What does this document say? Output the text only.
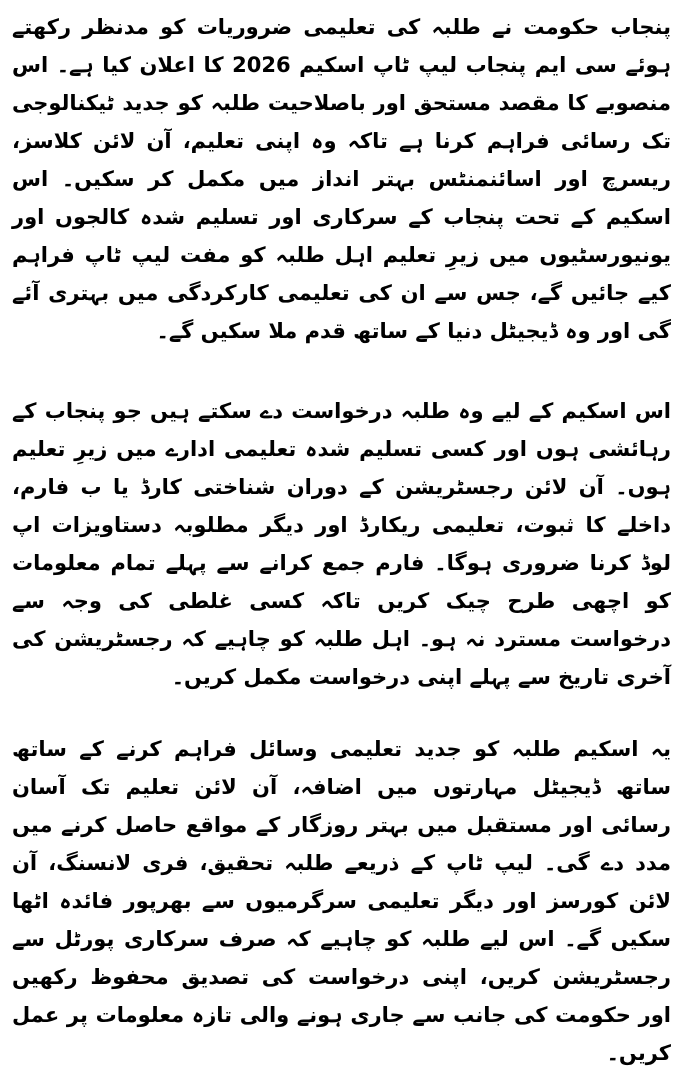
پنجاب حکومت نے طلبہ کی تعلیمی ضروریات کو مدنظر رکھتے ہوئے سی ایم پنجاب لیپ ٹاپ اسکیم 2026 کا اعلان کیا ہے۔ اس منصوبے کا مقصد مستحق اور باصلاحیت طلبہ کو جدید ٹیکنالوجی تک رسائی فراہم کرنا ہے تاکہ وہ اپنی تعلیم، آن لائن کلاسز، ریسرچ اور اسائنمنٹس بہتر انداز میں مکمل کر سکیں۔ اس اسکیم کے تحت پنجاب کے سرکاری اور تسلیم شدہ کالجوں اور یونیورسٹیوں میں زیرِ تعلیم اہل طلبہ کو مفت لیپ ٹاپ فراہم کیے جائیں گے، جس سے ان کی تعلیمی کارکردگی میں بہتری آئے گی اور وہ ڈیجیٹل دنیا کے ساتھ قدم ملا سکیں گے۔

اس اسکیم کے لیے وہ طلبہ درخواست دے سکتے ہیں جو پنجاب کے رہائشی ہوں اور کسی تسلیم شدہ تعلیمی ادارے میں زیرِ تعلیم ہوں۔ آن لائن رجسٹریشن کے دوران شناختی کارڈ یا ب فارم، داخلے کا ثبوت، تعلیمی ریکارڈ اور دیگر مطلوبہ دستاویزات اپ لوڈ کرنا ضروری ہوگا۔ فارم جمع کرانے سے پہلے تمام معلومات کو اچھی طرح چیک کریں تاکہ کسی غلطی کی وجہ سے درخواست مسترد نہ ہو۔ اہل طلبہ کو چاہیے کہ رجسٹریشن کی آخری تاریخ سے پہلے اپنی درخواست مکمل کریں۔

یہ اسکیم طلبہ کو جدید تعلیمی وسائل فراہم کرنے کے ساتھ ساتھ ڈیجیٹل مہارتوں میں اضافہ، آن لائن تعلیم تک آسان رسائی اور مستقبل میں بہتر روزگار کے مواقع حاصل کرنے میں مدد دے گی۔ لیپ ٹاپ کے ذریعے طلبہ تحقیق، فری لانسنگ، آن لائن کورسز اور دیگر تعلیمی سرگرمیوں سے بھرپور فائدہ اٹھا سکیں گے۔ اس لیے طلبہ کو چاہیے کہ صرف سرکاری پورٹل سے رجسٹریشن کریں، اپنی درخواست کی تصدیق محفوظ رکھیں اور حکومت کی جانب سے جاری ہونے والی تازہ معلومات پر عمل کریں۔
